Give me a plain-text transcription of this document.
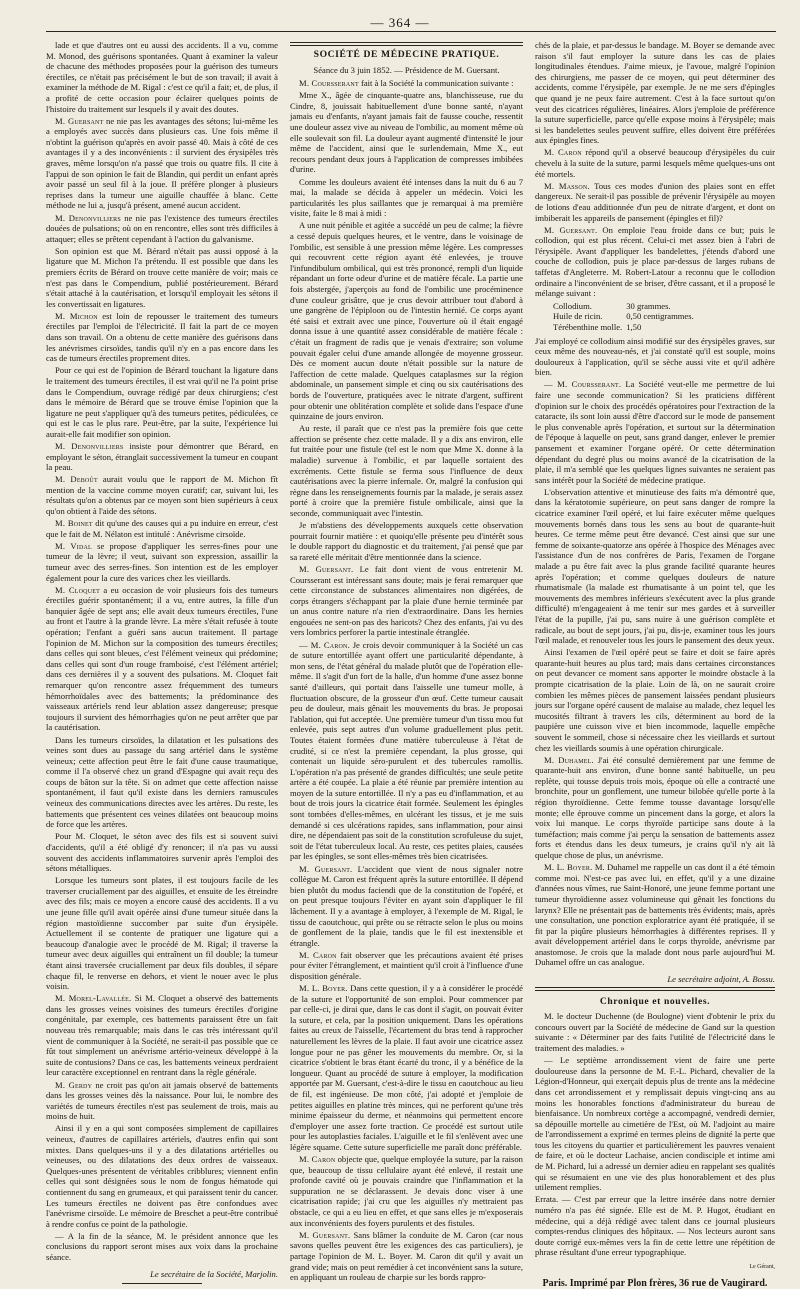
— 364 —

lade et que d'autres ont eu aussi des accidents. Il a vu, comme M. Monod, des guérisons spontanées. Quant à examiner la valeur de chacune des méthodes proposées pour la guérison des tumeurs érectiles, ce n'était pas précisément le but de son travail; il avait à examiner la méthode de M. Rigal : c'est ce qu'il a fait; et, de plus, il a profité de cette occasion pour éclairer quelques points de l'histoire du traitement sur lesquels il y avait des doutes.

M. Guersant ne nie pas les avantages des sétons; lui-même les a employés avec succès dans plusieurs cas. Une fois même il n'obtint la guérison qu'après en avoir passé 40. Mais à côté de ces avantages il y a des inconvénients : il survient des érysipèles très graves, même lorsqu'on n'a passé que trois ou quatre fils. Il cite à l'appui de son opinion le fait de Blandin, qui perdit un enfant après avoir passé un seul fil à la joue. Il préfère plonger à plusieurs reprises dans la tumeur une aiguille chauffée à blanc. Cette méthode ne lui a, jusqu'à présent, amené aucun accident.

M. Denonvilliers ne nie pas l'existence des tumeurs érectiles douées de pulsations; où on en rencontre, elles sont très difficiles à attaquer; elles se prêtent cependant à l'action du galvanisme.

Son opinion est que M. Bérard n'était pas aussi opposé à la ligature que M. Michon l'a prétendu. Il est possible que dans les premiers écrits de Bérard on trouve cette manière de voir; mais ce n'est pas dans le Compendium, publié postérieurement. Bérard s'était attaché à la cautérisation, et lorsqu'il employait les sétons il les convertissait en ligatures.

M. Michon est loin de repousser le traitement des tumeurs érectiles par l'emploi de l'électricité. Il fait la part de ce moyen dans son travail. On a obtenu de cette manière des guérisons dans les anévrismes cirsoïdes, tandis qu'il n'y en a pas encore dans les cas de tumeurs érectiles proprement dites.

Pour ce qui est de l'opinion de Bérard touchant la ligature dans le traitement des tumeurs érectiles, il est vrai qu'il ne l'a point prise dans le Compendium, ouvrage rédigé par deux chirurgiens; c'est dans le mémoire de Bérard que se trouve émise l'opinion que la ligature ne peut s'appliquer qu'à des tumeurs petites, pédiculées, ce qui est le cas le plus rare. Peut-être, par la suite, l'expérience lui aurait-elle fait modifier son opinion.

M. Denonvilliers insiste pour démontrer que Bérard, en employant le séton, étranglait successivement la tumeur en coupant la peau.

M. Deboût aurait voulu que le rapport de M. Michon fît mention de la vaccine comme moyen curatif; car, suivant lui, les résultats qu'on a obtenus par ce moyen sont bien supérieurs à ceux qu'on obtient à l'aide des sétons.

M. Boinet dit qu'une des causes qui a pu induire en erreur, c'est que le fait de M. Nélaton est intitulé : Anévrisme cirsoïde.

M. Vidal se propose d'appliquer les serres-fines pour une tumeur de la lèvre; il veut, suivant son expression, assaillir la tumeur avec des serres-fines. Son intention est de les employer également pour la cure des varices chez les vieillards.

M. Cloquet a eu occasion de voir plusieurs fois des tumeurs érectiles guérir spontanément; il a vu, entre autres, la fille d'un banquier âgée de sept ans; elle avait deux tumeurs érectiles, l'une au front et l'autre à la grande lèvre. La mère s'était refusée à toute opération; l'enfant a guéri sans aucun traitement. Il partage l'opinion de M. Michon sur la composition des tumeurs érectiles; dans celles qui sont bleues, c'est l'élément veineux qui prédomine; dans celles qui sont d'un rouge framboisé, c'est l'élément artériel; dans ces dernières il y a souvent des pulsations. M. Cloquet fait remarquer qu'on rencontre assez fréquemment des tumeurs hémorrhoïdales avec des battements; la prédominance des vaisseaux artériels rend leur ablation assez dangereuse; presque toujours il survient des hémorrhagies qu'on ne peut arrêter que par la cautérisation.

Dans les tumeurs cirsoïdes, la dilatation et les pulsations des veines sont dues au passage du sang artériel dans le système veineux; cette affection peut être le fait d'une cause traumatique, comme il l'a observé chez un grand d'Espagne qui avait reçu des coups de bâton sur la tête. Si on admet que cette affection naisse spontanément, il faut qu'il existe dans les derniers ramuscules veineux des communications directes avec les artères. Du reste, les battements que présentent ces veines dilatées ont beaucoup moins de force que les artères.

Pour M. Cloquet, le séton avec des fils est si souvent suivi d'accidents, qu'il a été obligé d'y renoncer; il n'a pas vu aussi souvent des accidents inflammatoires survenir après l'emploi des sétons métalliques.

Lorsque les tumeurs sont plates, il est toujours facile de les traverser cruciallement par des aiguilles, et ensuite de les étreindre avec des fils; mais ce moyen a encore causé des accidents. Il a vu une jeune fille qu'il avait opérée ainsi d'une tumeur située dans la région mastoïdienne succomber par suite d'un érysipèle. Actuellement il se contente de pratiquer une ligature qui a beaucoup d'analogie avec le procédé de M. Rigal; il traverse la tumeur avec deux aiguilles qui entraînent un fil double; la tumeur étant ainsi traversée cruciallement par deux fils doubles, il sépare chaque fil, le renverse en dehors, et vient le nouer avec le plus voisin.

M. Morel-Lavallée. Si M. Cloquet a observé des battements dans les grosses veines voisines des tumeurs érectiles d'origine congénitale, par exemple, ces battements paraissent être un fait nouveau très remarquable; mais dans le cas très intéressant qu'il vient de communiquer à la Société, ne serait-il pas possible que ce fût tout simplement un anévrisme artério-veineux développé à la suite de contusions? Dans ce cas, les battements veineux perdraient leur caractère exceptionnel en rentrant dans la règle générale.

M. Gerdy ne croit pas qu'on ait jamais observé de battements dans les grosses veines dès la naissance. Pour lui, le nombre des variétés de tumeurs érectiles n'est pas seulement de trois, mais au moins de huit.

Ainsi il y en a qui sont composées simplement de capillaires veineux, d'autres de capillaires artériels, d'autres enfin qui sont mixtes. Dans quelques-uns il y a des dilatations artérielles ou veineuses, ou des dilatations des deux ordres de vaisseaux. Quelques-unes présentent de véritables cribblures; viennent enfin celles qui sont désignées sous le nom de fongus hématode qui contiennent du sang en grumeaux, et qui paraissent tenir du cancer. Les tumeurs érectiles ne doivent pas être confondues avec l'anévrisme cirsoïde. Le mémoire de Breschet a peut-être contribué à rendre confus ce point de la pathologie.

— A la fin de la séance, M. le président annonce que les conclusions du rapport seront mises aux voix dans la prochaine séance.

Le secrétaire de la Société, Marjolin.
SOCIÉTÉ DE MÉDECINE PRATIQUE.

Séance du 3 juin 1852. — Présidence de M. Guersant.

M. Coursserant fait à la Société la communication suivante :

Mme X., âgée de cinquante-quatre ans, blanchisseuse, rue du Cindre, 8, jouissait habituellement d'une bonne santé, n'ayant jamais eu d'enfants, n'ayant jamais fait de fausse couche, ressentit une douleur assez vive au niveau de l'ombilic, au moment même où elle soulevait son fil. La douleur ayant augmenté d'intensité le jour même de l'accident, ainsi que le surlendemain, Mme X., eut recours pendant deux jours à l'application de compresses imbibées d'urine.

Comme les douleurs avaient été intenses dans la nuit du 6 au 7 mai, la malade se décida à appeler un médecin. Voici les particularités les plus saillantes que je remarquai à ma première visite, faite le 8 mai à midi :

A une nuit pénible et agitée a succédé un peu de calme; la fièvre a cessé depuis quelques heures, et le ventre, dans le voisinage de l'ombilic, est sensible à une pression même légère. Les compresses qui recouvrent cette région ayant été enlevées, je trouve l'infundibulum ombilical, qui est très prononcé, rempli d'un liquide répandant un forte odeur d'urine et de matière fécale. La partie une fois abstergée, j'aperçois au fond de l'ombilic une procéminence d'une couleur grisâtre, que je crus devoir attribuer tout d'abord à une gangrène de l'épiploon ou de l'intestin hernié. Ce corps ayant été saisi et extrait avec une pince, l'ouverture où il était engagé donna issue à une quantité assez considérable de matière fécale : c'était un fragment de radis que je venais d'extraire; son volume pouvait égaler celui d'une amande allongée de moyenne grosseur. Dès ce moment aucun doute n'était possible sur la nature de l'affection de cette malade. Quelques cataplasmes sur la région abdominale, un pansement simple et cinq ou six cautérisations des bords de l'ouverture, pratiquées avec le nitrate d'argent, suffirent pour obtenir une oblitération complète et solide dans l'espace d'une quinzaine de jours environ.

Au reste, il paraît que ce n'est pas la première fois que cette affection se présente chez cette malade. Il y a dix ans environ, elle fut traitée pour une fistule (tel est le nom que Mme X. donne à la maladie) survenue à l'ombilic, et par laquelle sortaient des excréments. Cette fistule se ferma sous l'influence de deux cautérisations avec la pierre infernale. Or, malgré la confusion qui règne dans les renseignements fournis par la malade, je serais assez porté à croire que la première fistule ombilicale, ainsi que la seconde, communiquait avec l'intestin.

Je m'abstiens des développements auxquels cette observation pourrait fournir matière : et quoiqu'elle présente peu d'intérêt sous le double rapport du diagnostic et du traitement, j'ai pensé que par sa rareté elle méritait d'être mentionnée dans la science.

M. Guersant. Le fait dont vient de vous entretenir M. Coursserant est intéressant sans doute; mais je ferai remarquer que cette circonstance de substances alimentaires non digérées, de corps étrangers s'échappant par la plaie d'une hernie terminée par un anus contre nature n'a rien d'extraordinaire. Dans les hernies engouées ne sent-on pas des haricots? Chez des enfants, j'ai vu des vers lombrics perforer la partie intestinale étranglée.

— M. Caron. Je crois devoir communiquer à la Société un cas de suture entortillée ayant offert une particularité dépendante, à mon sens, de l'état général du malade plutôt que de l'opération elle-même. Il s'agit d'un fort de la halle, d'un homme d'une assez bonne santé d'ailleurs, qui portait dans l'aisselle une tumeur molle, à fluctuation obscure, de la grosseur d'un œuf. Cette tumeur causait peu de douleur, mais gênait les mouvements du bras. Je proposai l'ablation, qui fut acceptée. Une première tumeur d'un tissu mou fut enlevée, puis sept autres d'un volume graduellement plus petit. Toutes étaient formées d'une matière tuberculeuse à l'état de crudité, si ce n'est la première cependant, la plus grosse, qui contenait un liquide séro-purulent et des tubercules ramollis. L'opération n'a pas présenté de grandes difficultés; une seule petite artère a été coupée. La plaie a été réunie par première intention au moyen de la suture entortillée. Il n'y a pas eu d'inflammation, et au bout de trois jours la cicatrice était formée. Seulement les épingles sont tombées d'elles-mêmes, en ulcérant les tissus, et je me suis demandé si ces ulcérations rapides, sans inflammation, pour ainsi dire, ne dépendaient pas soit de la constitution scrofuleuse du sujet, soit de l'état tuberculeux local. Au reste, ces petites plaies, causées par les épingles, se sont elles-mêmes très bien cicatrisées.

M. Guersant. L'accident que vient de nous signaler notre collègue M. Caron est fréquent après la suture entortillée. Il dépend bien plutôt du modus faciendi que de la constitution de l'opéré, et on peut presque toujours l'éviter en ayant soin d'appliquer le fil lâchement. Il y a avantage à employer, à l'exemple de M. Rigal, le tissu de caoutchouc, qui prête ou se rétracte selon le plus ou moins de gonflement de la plaie, tandis que le fil est inextensible et étrangle.

M. Caron fait observer que les précautions avaient été prises pour éviter l'étranglement, et maintient qu'il croit à l'influence d'une disposition générale.

M. L. Boyer. Dans cette question, il y a à considérer le procédé de la suture et l'opportunité de son emploi. Pour commencer par par celle-ci, je dirai que, dans le cas dont il s'agit, on pouvait éviter la suture, et cela, par la position uniquement. Dans les opérations faites au creux de l'aisselle, l'écartement du bras tend à rapprocher naturellement les lèvres de la plaie. Il faut avoir une cicatrice assez longue pour ne pas gêner les mouvements du membre. Or, si la cicatrice s'obtient le bras étant écarté du tronc, il y a bénéfice de la longueur. Quant au procédé de suture à employer, la modification apportée par M. Guersant, c'est-à-dire le tissu en caoutchouc au lieu de fil, est ingénieuse. De mon côté, j'ai adopté et j'emploie de petites aiguilles en platine très minces, qui ne perforent qu'une très minime épaisseur du derme, et néanmoins qui permettent encore d'employer une assez forte traction. Ce procédé est surtout utile pour les autoplasties faciales. L'aiguille et le fil s'enlèvent avec une légère squame. Cette suture superficielle me paraît donc préférable.

M. Caron objecte que, quelque employée la suture, par la raison que, beaucoup de tissu cellulaire ayant été enlevé, il restait une profonde cavité où je pouvais craindre que l'inflammation et la suppuration ne se déclarassent. Je devais donc viser à une cicatrisation rapide; j'ai cru que les aiguilles n'y mettraient pas obstacle, ce qui a eu lieu en effet, et que sans elles je m'exposerais aux inconvénients des foyers purulents et des fistules.

M. Guersant. Sans blâmer la conduite de M. Caron (car nous savons quelles peuvent être les exigences des cas particuliers), je partage l'opinion de M. L. Boyer. M. Caron dit qu'il y avait un grand vide; mais on peut remédier à cet inconvénient sans la suture, en appliquant un rouleau de charpie sur les bords rappro-

chés de la plaie, et par-dessus le bandage. M. Boyer se demande avec raison s'il faut employer la suture dans les cas de plaies longitudinales étendues. J'aime mieux, je l'avoue, malgré l'opinion des chirurgiens, me passer de ce moyen, qui peut déterminer des accidents, comme l'érysipèle, par exemple. Je ne me sers d'épingles que quand je ne peux faire autrement. C'est à la face surtout qu'on veut des cicatrices régulières, linéaires. Alors j'emploie de préférence la suture superficielle, parce qu'elle expose moins à l'érysipèle; mais si les bandelettes seules peuvent suffire, elles doivent être préférées aux épingles fines.

M. Caron répond qu'il a observé beaucoup d'érysipèles du cuir chevelu à la suite de la suture, parmi lesquels même quelques-uns ont été mortels.

M. Masson. Tous ces modes d'union des plaies sont en effet dangereux. Ne serait-il pas possible de prévenir l'érysipèle au moyen de lotions d'eau additionnée d'un peu de nitrate d'argent, et dont on imbiberait les appareils de pansement (épingles et fil)?

M. Guersant. On emploie l'eau froide dans ce but; puis le collodion, qui est plus récent. Celui-ci met assez bien à l'abri de l'érysipèle. Avant d'appliquer les bandelettes, j'étends d'abord une couche de collodion, puis je place par-dessus de larges rubans de taffetas d'Angleterre. M. Robert-Latour a reconnu que le collodion ordinaire a l'inconvénient de se briser, d'être cassant, et il a proposé le mélange suivant :

Collodium.	30 grammes.
Huile de ricin.	0,50 centigrammes.
Térébenthine molle.	1,50

J'ai employé ce collodium ainsi modifié sur des érysipèles graves, sur ceux même des nouveau-nés, et j'ai constaté qu'il est souple, moins douloureux à l'application, qu'il se sèche aussi vite et qu'il adhère bien.

— M. Coursserant. La Société veut-elle me permettre de lui faire une seconde communication? Si les praticiens diffèrent d'opinion sur le choix des procédés opératoires pour l'extraction de la cataracte, ils sont loin aussi d'être d'accord sur le mode de pansement le plus convenable après l'opération, et surtout sur la détermination de l'époque à laquelle on peut, sans grand danger, enlever le premier pansement et examiner l'organe opéré. Or cette détermination dépendant du degré plus ou moins avancé de la cicatrisation de la plaie, il m'a semblé que les quelques lignes suivantes ne seraient pas sans intérêt pour la Société de médecine pratique.

L'observation attentive et minutieuse des faits m'a démontré que, dans la kératotomie supérieure, on peut sans danger de rompre la cicatrice examiner l'œil opéré, et lui faire exécuter même quelques mouvements bornés dans tous les sens au bout de quarante-huit heures. Ce terme même peut être devancé. C'est ainsi que sur une femme de soixante-quatorze ans opérée à l'hospice des Ménages avec l'assistance d'un de nos confrères de Paris, l'examen de l'organe malade a pu être fait avec la plus grande facilité quarante heures après l'opération; et comme quelques douleurs de nature rhumatismale (la malade est rhumatisante à un point tel, que les mouvements des membres inférieurs s'exécutent avec la plus grande difficulté) m'engageaient à me tenir sur mes gardes et à surveiller l'état de la pupille, j'ai pu, sans nuire à une guérison complète et radicale, au bout de sept jours, j'ai pu, dis-je, examiner tous les jours l'œil malade, et renouveler tous les jours le pansement des deux yeux.

Ainsi l'examen de l'œil opéré peut se faire et doit se faire après quarante-huit heures au plus tard; mais dans certaines circonstances on peut devancer ce moment sans apporter le moindre obstacle à la prompte cicatrisation de la plaie. Loin de là, on ne saurait croire combien les mêmes pièces de pansement laissées pendant plusieurs jours sur l'organe opéré causent de malaise au malade, chez lequel les mucosités filtrant à travers les cils, déterminent au bord de la paupière une cuisson vive et bien incommode, laquelle empêche souvent le sommeil, chose si nécessaire chez les vieillards et surtout chez les vieillards soumis à une opération chirurgicale.

M. Duhamel. J'ai été consulté dernièrement par une femme de quarante-huit ans environ, d'une bonne santé habituelle, un peu replète, qui tousse depuis trois mois, époque où elle a contracté une bronchite, pour un gonflement, une tumeur bilobée qu'elle porte à la région thyroïdienne. Cette femme tousse davantage lorsqu'elle monte; elle éprouve comme un pincement dans la gorge, et alors la voix lui manque. Le corps thyroïde participe sans doute à la tuméfaction; mais comme j'ai perçu la sensation de battements assez forts et étendus dans les deux tumeurs, je crains qu'il n'y ait là quelque chose de plus, un anévrisme.

M. L. Boyer. M. Duhamel me rappelle un cas dont il a été témoin comme moi. N'est-ce pas avec lui, en effet, qu'il y a une dizaine d'années nous vîmes, rue Saint-Honoré, une jeune femme portant une tumeur thyroïdienne assez volumineuse qui gênait les fonctions du larynx? Elle ne présentait pas de battements très évidents; mais, après une consultation, une ponction exploratrice ayant été pratiquée, il se fit par la piqûre plusieurs hémorrhagies à différentes reprises. Il y avait développement artériel dans le corps thyroïde, anévrisme par anastomose. Je crois que la malade dont nous parle aujourd'hui M. Duhamel offre un cas analogue.

Le secrétaire adjoint, A. Bossu.
Chronique et nouvelles.

M. le docteur Duchenne (de Boulogne) vient d'obtenir le prix du concours ouvert par la Société de médecine de Gand sur la question suivante : « Déterminer par des faits l'utilité de l'électricité dans le traitement des maladies. »

— Le septième arrondissement vient de faire une perte douloureuse dans la personne de M. F.-L. Pichard, chevalier de la Légion-d'Honneur, qui exerçait depuis plus de trente ans la médecine dans cet arrondissement et y remplissait depuis vingt-cinq ans au moins les honorables fonctions d'administrateur du bureau de bienfaisance. Un nombreux cortège a accompagné, vendredi dernier, sa dépouille mortelle au cimetière de l'Est, où M. l'adjoint au maire de l'arrondissement a exprimé en termes pleins de dignité la perte que tous les citoyens du quartier et particulièrement les pauvres venaient de faire, et où le docteur Lachaise, ancien condisciple et intime ami de M. Pichard, lui a adressé un dernier adieu en rappelant ses qualités qui se résumaient en une vie des plus honorablement et des plus utilement remplies.

Errata. — C'est par erreur que la lettre insérée dans notre dernier numéro n'a pas été signée. Elle est de M. P. Hugot, étudiant en médecine, qui a déjà rédigé avec talent dans ce journal plusieurs comptes-rendus cliniques des hôpitaux. — Nos lecteurs auront sans doute corrigé eux-mêmes vers la fin de cette lettre une répétition de phrase résultant d'une erreur typographique.

Le Gérant,
Paris. Imprimé par Plon frères, 36 rue de Vaugirard.
